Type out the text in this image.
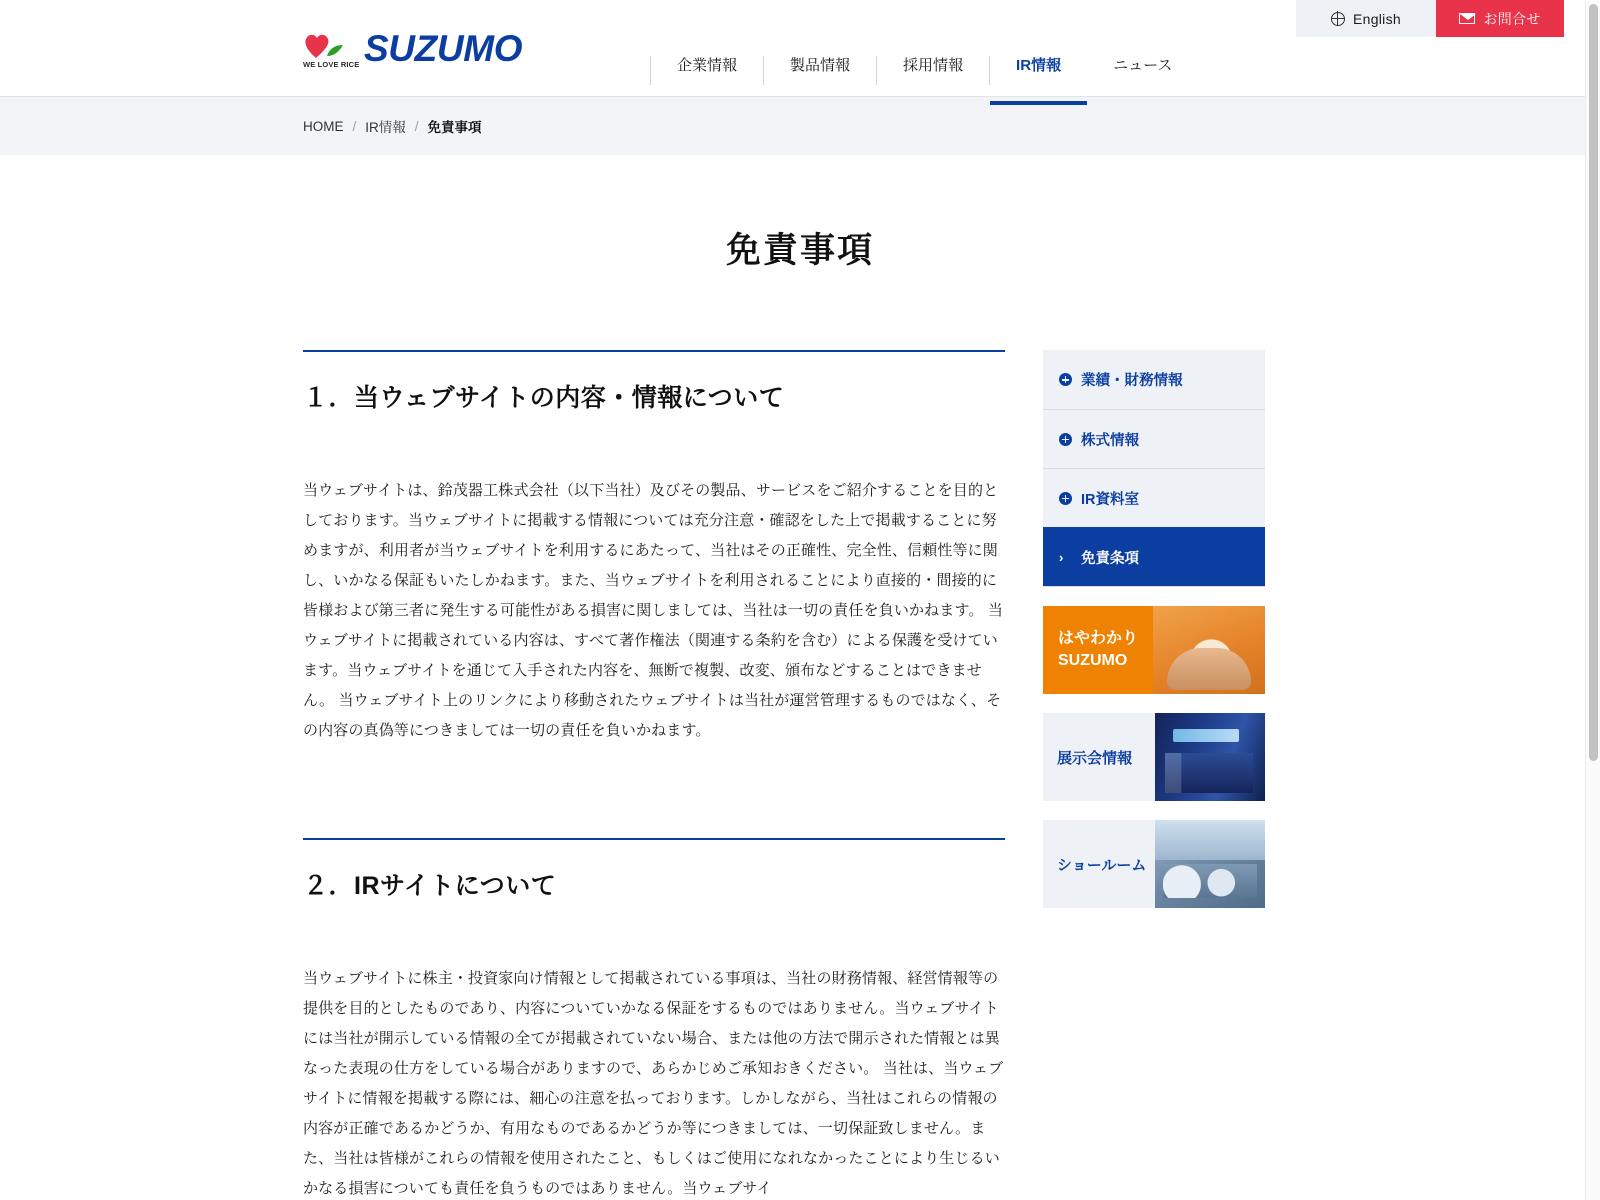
English	お問合せ
WE LOVE RICE SUZUMO	企業情報	製品情報	採用情報	IR情報	ニュース
HOME / IR情報 / 免責事項
免責事項
１．当ウェブサイトの内容・情報について

当ウェブサイトは、鈴茂器工株式会社（以下当社）及びその製品、サービスをご紹介することを目的としております。当ウェブサイトに掲載する情報については充分注意・確認をした上で掲載することに努めますが、利用者が当ウェブサイトを利用するにあたって、当社はその正確性、完全性、信頼性等に関し、いかなる保証もいたしかねます。また、当ウェブサイトを利用されることにより直接的・間接的に皆様および第三者に発生する可能性がある損害に関しましては、当社は一切の責任を負いかねます。 当ウェブサイトに掲載されている内容は、すべて著作権法（関連する条約を含む）による保護を受けています。当ウェブサイトを通じて入手された内容を、無断で複製、改変、頒布などすることはできません。 当ウェブサイト上のリンクにより移動されたウェブサイトは当社が運営管理するものではなく、その内容の真偽等につきましては一切の責任を負いかねます。

２．IRサイトについて

当ウェブサイトに株主・投資家向け情報として掲載されている事項は、当社の財務情報、経営情報等の提供を目的としたものであり、内容についていかなる保証をするものではありません。当ウェブサイトには当社が開示している情報の全てが掲載されていない場合、または他の方法で開示された情報とは異なった表現の仕方をしている場合がありますので、あらかじめご承知おきください。 当社は、当ウェブサイトに情報を掲載する際には、細心の注意を払っております。しかしながら、当社はこれらの情報の内容が正確であるかどうか、有用なものであるかどうか等につきましては、一切保証致しません。また、当社は皆様がこれらの情報を使用されたこと、もしくはご使用になれなかったことにより生じるいかなる損害についても責任を負うものではありません。当ウェブサイ

業績・財務情報
株式情報
IR資料室
›	免責条項
はやわかり
SUZUMO
展示会情報
ショールーム
